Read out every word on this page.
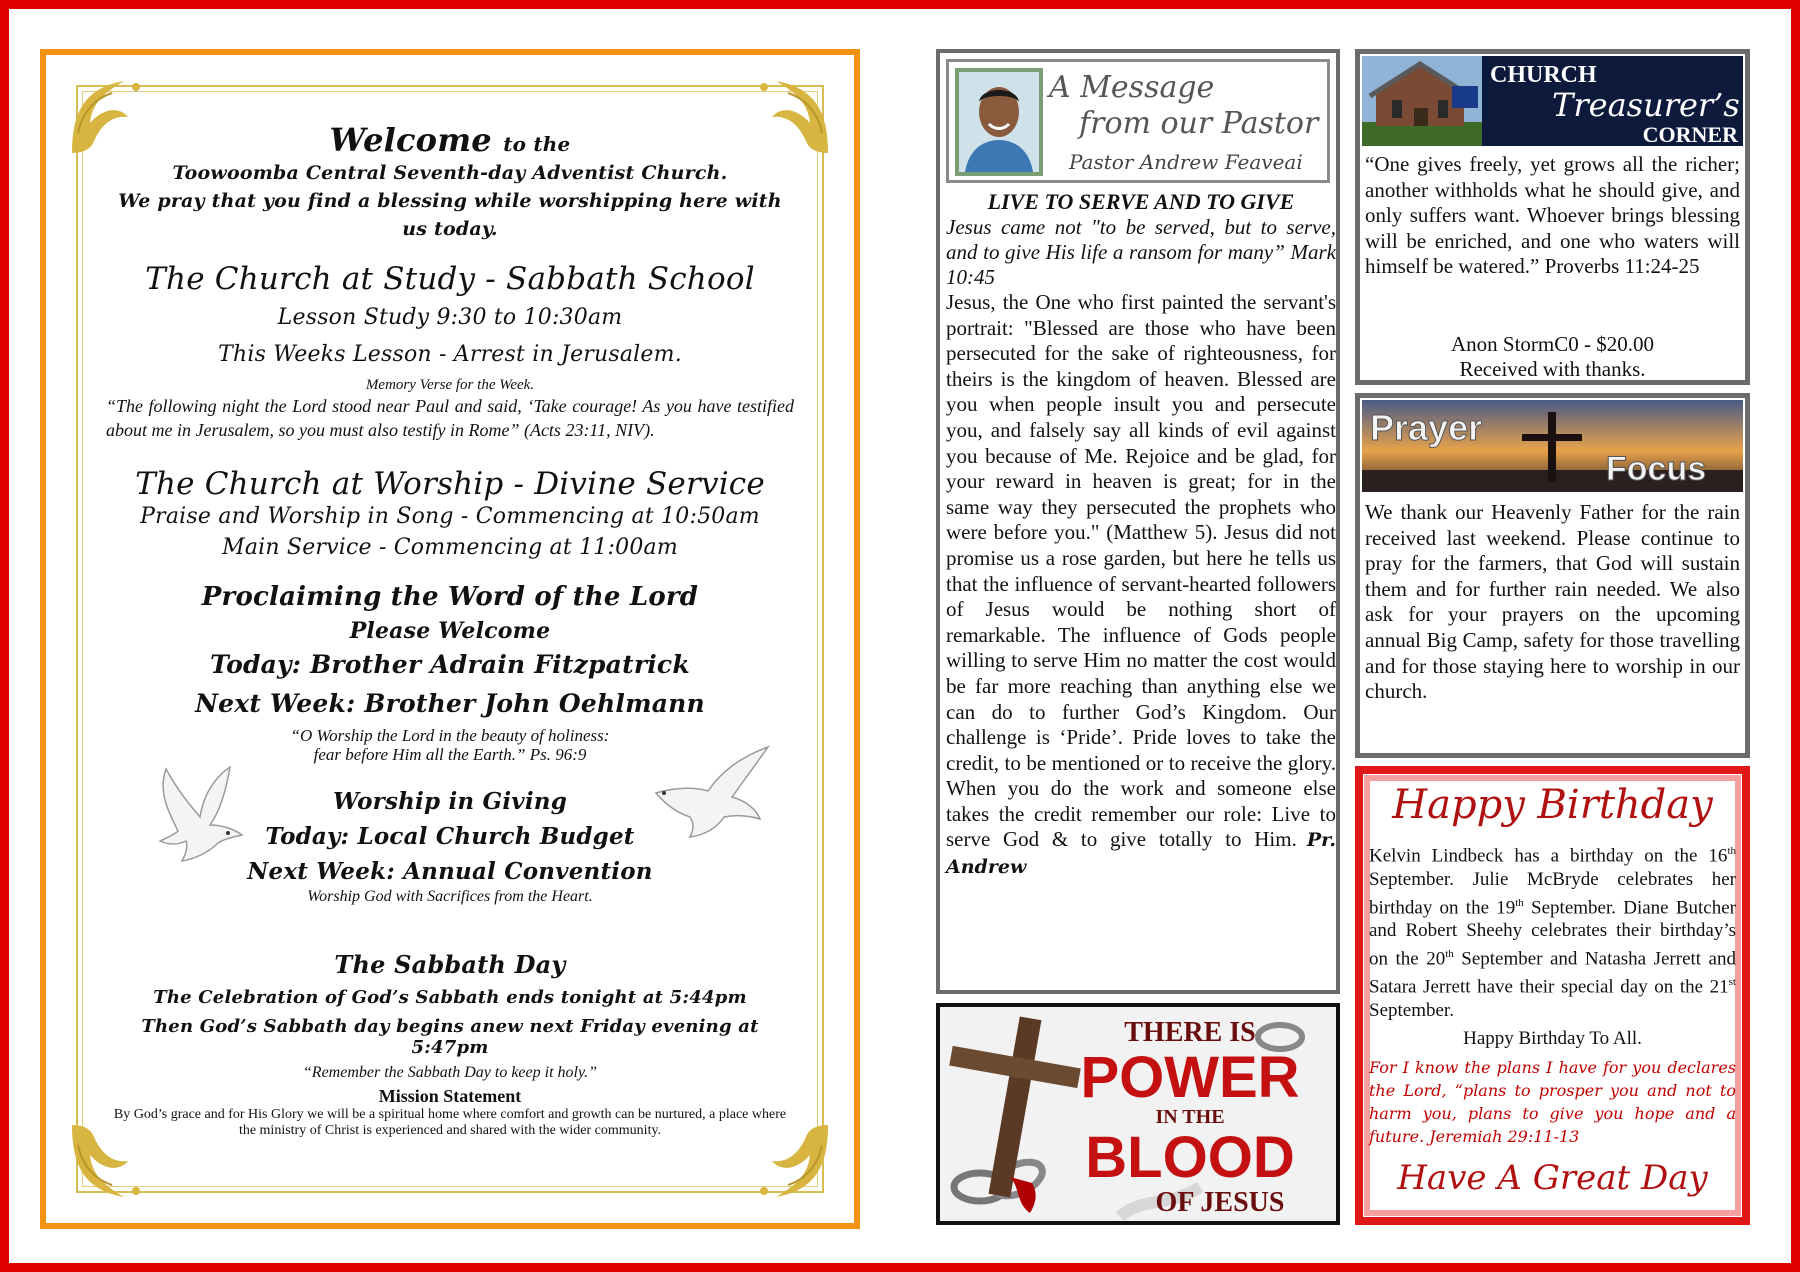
Welcome to the
Toowoomba Central Seventh-day Adventist Church.
We pray that you find a blessing while worshipping here with us today.
The Church at Study - Sabbath School
Lesson Study 9:30 to 10:30am
This Weeks Lesson - Arrest in Jerusalem.
Memory Verse for the Week.
“The following night the Lord stood near Paul and said, ‘Take courage! As you have testified about me in Jerusalem, so you must also testify in Rome” (Acts 23:11, NIV).
The Church at Worship - Divine Service
Praise and Worship in Song - Commencing at 10:50am
Main Service - Commencing at 11:00am
Proclaiming the Word of the Lord
Please Welcome
Today: Brother Adrain Fitzpatrick
Next Week: Brother John Oehlmann
“O Worship the Lord in the beauty of holiness:
fear before Him all the Earth.” Ps. 96:9
Worship in Giving
Today: Local Church Budget
Next Week: Annual Convention
Worship God with Sacrifices from the Heart.
The Sabbath Day
The Celebration of God’s Sabbath ends tonight at 5:44pm
Then God’s Sabbath day begins anew next Friday evening at 5:47pm
“Remember the Sabbath Day to keep it holy.”
Mission Statement
By God’s grace and for His Glory we will be a spiritual home where comfort and growth can be nurtured, a place where the ministry of Christ is experienced and shared with the wider community.
A Message
from our Pastor
Pastor Andrew Feaveai
LIVE TO SERVE AND TO GIVE
Jesus came not "to be served, but to serve, and to give His life a ransom for many” Mark 10:45
Jesus, the One who first painted the servant's portrait: "Blessed are those who have been persecuted for the sake of righteousness, for theirs is the kingdom of heaven. Blessed are you when people insult you and persecute you, and falsely say all kinds of evil against you because of Me. Rejoice and be glad, for your reward in heaven is great; for in the same way they persecuted the prophets who were before you." (Matthew 5). Jesus did not promise us a rose garden, but here he tells us that the influence of servant-hearted followers of Jesus would be nothing short of remarkable. The influence of Gods people willing to serve Him no matter the cost would be far more reaching than anything else we can do to further God’s Kingdom. Our challenge is ‘Pride’. Pride loves to take the credit, to be mentioned or to receive the glory. When you do the work and someone else takes the credit remember our role: Live to serve God & to give totally to Him. Pr. Andrew
THERE IS
POWER
IN THE
BLOOD
OF JESUS
CHURCH
Treasurer’s
CORNER
“One gives freely, yet grows all the richer; another withholds what he should give, and only suffers want. Whoever brings blessing will be enriched, and one who waters will himself be watered.” Proverbs 11:24-25
Anon StormC0 - $20.00
Received with thanks.
Prayer
Focus
We thank our Heavenly Father for the rain received last weekend. Please continue to pray for the farmers, that God will sustain them and for further rain needed. We also ask for your prayers on the upcoming annual Big Camp, safety for those travelling and for those staying here to worship in our church.
Happy Birthday
Kelvin Lindbeck has a birthday on the 16th September. Julie McBryde celebrates her birthday on the 19th September. Diane Butcher and Robert Sheehy celebrates their birthday’s on the 20th September and Natasha Jerrett and Satara Jerrett have their special day on the 21st September.
Happy Birthday To All.
For I know the plans I have for you declares the Lord, “plans to prosper you and not to harm you, plans to give you hope and a future. Jeremiah 29:11-13
Have A Great Day
